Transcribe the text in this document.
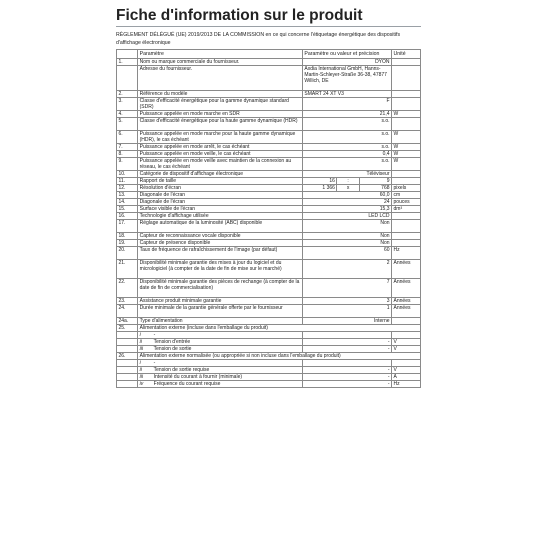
Fiche d'information sur le produit
RÈGLEMENT DÉLÉGUÉ (UE) 2019/2013 DE LA COMMISSION en ce qui concerne l'étiquetage énergétique des dispositifs d'affichage électronique
	Paramètre	Paramètre ou valeur et précision			Unité
1.	Nom ou marque commerciale du fournisseur.	DYON			
	Adresse du fournisseur.	Axdia International GmbH, Hanns-Martin-Schleyer-Straße 36-38, 47877 Willich, DE			
2.	Référence du modèle	SMART 24 XT V3			
3.	Classe d'efficacité énergétique pour la gamme dynamique standard (SDR)	F			
4.	Puissance appelée en mode marche en SDR	21,4			W
5.	Classe d'efficacité énergétique pour la haute gamme dynamique (HDR)	s.o.			
6.	Puissance appelée en mode marche pour la haute gamme dynamique (HDR), le cas échéant	s.o.			W
7.	Puissance appelée en mode arrêt, le cas échéant	s.o.			W
8.	Puissance appelée en mode veille, le cas échéant	0,4			W
9.	Puissance appelée en mode veille avec maintien de la connexion au réseau, le cas échéant	s.o.			W
10.	Catégorie de dispositif d'affichage électronique	Téléviseur			
11.	Rapport de taille	16	:	9	
12.	Résolution d'écran	1 366	x	768	pixels
13.	Diagonale de l'écran	60,0			cm
14.	Diagonale de l'écran	24			pouces
15.	Surface visible de l'écran	15,3			dm³
16.	Technologie d'affichage utilisée	LED LCD			
17.	Réglage automatique de la luminosité (ABC) disponible	Non			
18.	Capteur de reconnaissance vocale disponible	Non			
19.	Capteur de présence disponible	Non			
20.	Taux de fréquence de rafraîchissement de l'image (par défaut)	60			Hz
21.	Disponibilité minimale garantie des mises à jour du logiciel et du micrologiciel (à compter de la date de fin de mise sur le marché)	2			Années
22.	Disponibilité minimale garantie des pièces de rechange (à compter de la date de fin de commercialisation)	7			Années
23.	Assistance produit minimale garantie	3			Années
24.	Durée minimale de la garantie générale offerte par le fournisseur	1			Années
24a.	Type d'alimentation	Interne			
25.	Alimentation externe (incluse dans l'emballage du produit)				
	i -				
	ii Tension d'entrée	-			V
	iii Tension de sortie	-			V
26.	Alimentation externe normalisée (ou appropriée si non incluse dans l'emballage du produit)				
	i -				
	ii Tension de sortie requise	-			V
	iii Intensité du courant à fournir (minimale)	-			A
	iv Fréquence du courant requise	-			Hz
